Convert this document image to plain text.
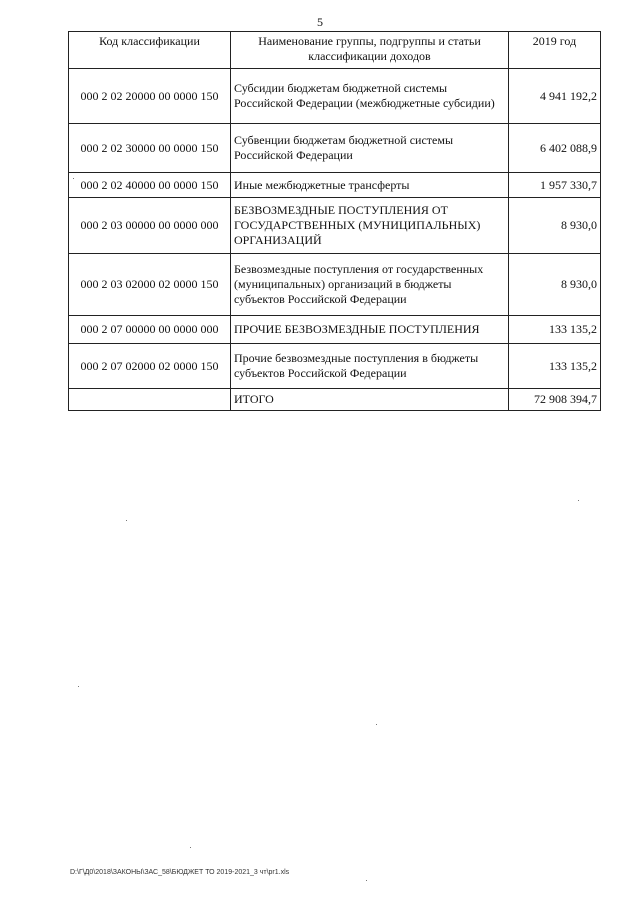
5
Код классификации	Наименование группы, подгруппы и статьи классификации доходов	2019 год
000 2 02 20000 00 0000 150	Субсидии бюджетам бюджетной системы Российской Федерации (межбюджетные субсидии)	4 941 192,2
000 2 02 30000 00 0000 150	Субвенции бюджетам бюджетной системы Российской Федерации	6 402 088,9
000 2 02 40000 00 0000 150	Иные межбюджетные трансферты	1 957 330,7
000 2 03 00000 00 0000 000	БЕЗВОЗМЕЗДНЫЕ ПОСТУПЛЕНИЯ ОТ ГОСУДАРСТВЕННЫХ (МУНИЦИПАЛЬНЫХ) ОРГАНИЗАЦИЙ	8 930,0
000 2 03 02000 02 0000 150	Безвозмездные поступления от государственных (муниципальных) организаций в бюджеты субъектов Российской Федерации	8 930,0
000 2 07 00000 00 0000 000	ПРОЧИЕ БЕЗВОЗМЕЗДНЫЕ ПОСТУПЛЕНИЯ	133 135,2
000 2 07 02000 02 0000 150	Прочие безвозмездные поступления в бюджеты субъектов Российской Федерации	133 135,2
	ИТОГО	72 908 394,7
D:\Г\Д0\2018\ЗАКОНЫ\ЗАС_58\БЮДЖЕТ ТО 2019-2021_3 чт\pr1.xls
